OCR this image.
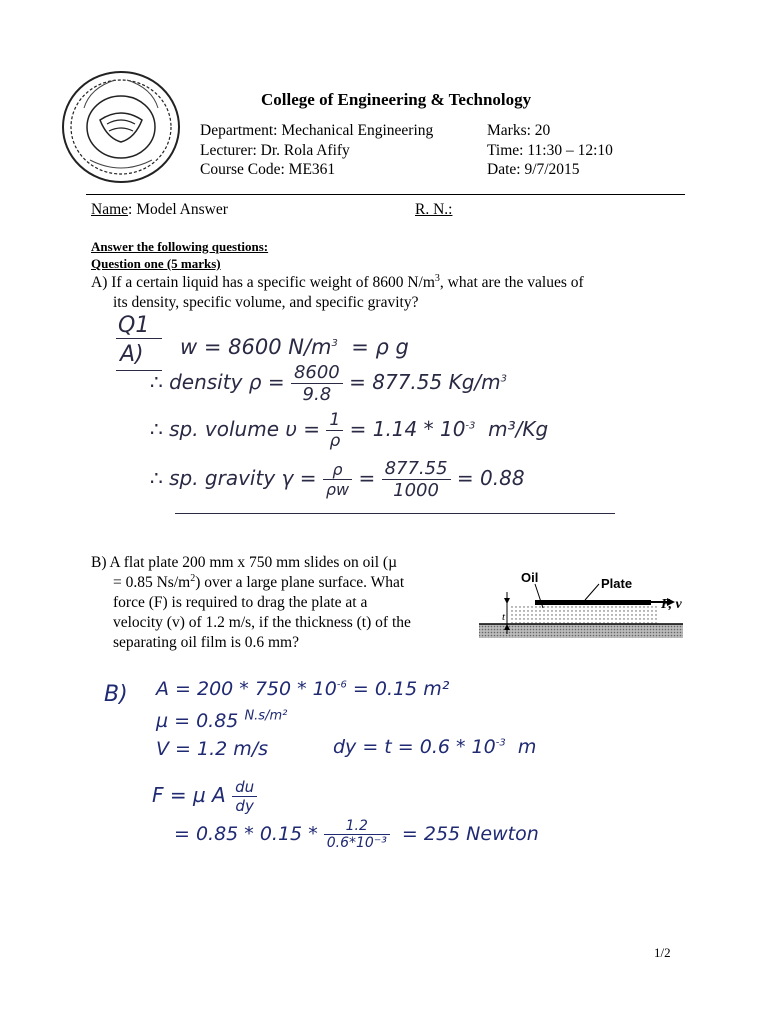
College of Engineering & Technology
Department: Mechanical Engineering
Lecturer: Dr. Rola Afify
Course Code: ME361
Marks: 20
Time: 11:30 – 12:10
Date: 9/7/2015
Name: Model Answer	R. N.:
Answer the following questions:
Question one (5 marks)
A) If a certain liquid has a specific weight of 8600 $N/m^3$, what are the values of
its density, specific volume, and specific gravity?
Q1
A) w = 8600 $N/m^3 = \rho$ g
∴ density $\rho = \frac{8600}{9.8} = 877.55$ $Kg/m^3$
∴ sp. volume $\upsilon = \frac{1}{\rho} = 1.14 * 10^{-3}$ m³/Kg
∴ sp. gravity $\gamma = \frac{\rho}{\rho w} = \frac{877.55}{1000} = 0.88$
B) A flat plate 200 mm x 750 mm slides on oil (µ
= 0.85 $Ns/m^2$) over a large plane surface. What
force (F) is required to drag the plate at a
velocity (v) of 1.2 m/s, if the thickness (t) of the
separating oil film is 0.6 mm?
t
Oil	Plate
F, v
B) $A = 200 * 750 * 10^{-6} = 0.15$ m²
µ = 0.85 $^{N.s/m^2}$
V = 1.2 m/s	dy = $t = 0.6 * 10^{-3}$ m
F = µ A $\frac{du}{dy}$
= $0.85 * 0.15 * \frac{1.2}{\text{0.6*10⁻³}} = 255$ Newton
1/2
